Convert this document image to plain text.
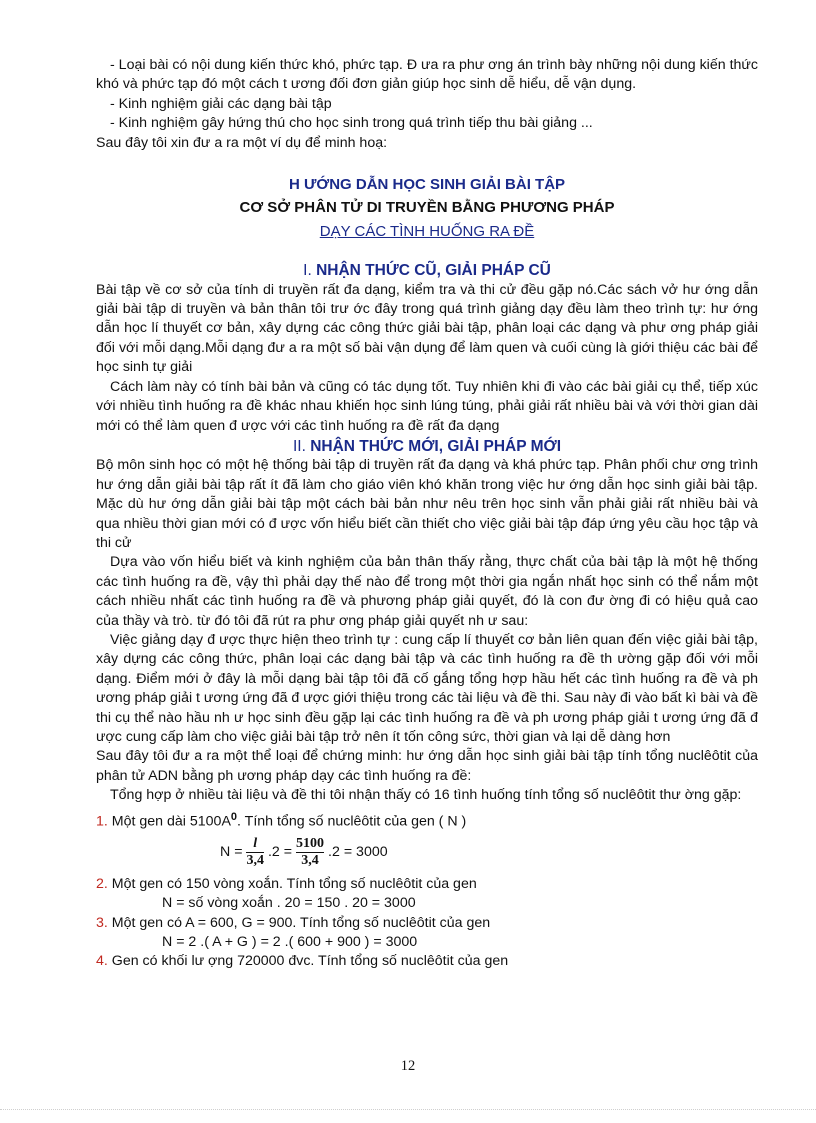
- Loại bài có nội dung kiến thức khó, phức tạp. Đ ưa ra phư ơng án trình bày những nội dung kiến thức khó và phức tạp đó một cách t ương đối đơn giản giúp học sinh dễ hiểu, dễ vận dụng.

- Kinh nghiệm giải các dạng bài tập

- Kinh nghiệm gây hứng thú cho học sinh trong quá trình tiếp thu bài giảng ...

Sau đây tôi xin đư a ra một ví dụ để minh hoạ:

H ƯỚNG DẪN HỌC SINH GIẢI BÀI TẬP

CƠ SỞ PHÂN TỬ DI TRUYỀN BẰNG PHƯƠNG PHÁP

DẠY CÁC TÌNH HUỐNG RA ĐỀ

I. NHẬN THỨC CŨ, GIẢI PHÁP CŨ

Bài tập về cơ sở của tính di truyền rất đa dạng, kiểm tra và thi cử đều gặp nó.Các sách vở hư ớng dẫn giải bài tập di truyền và bản thân tôi trư ớc đây trong quá trình giảng dạy đều làm theo trình tự: hư ớng dẫn học lí thuyết cơ bản, xây dựng các công thức giải bài tập, phân loại các dạng và phư ơng pháp giải đối với mỗi dạng.Mỗi dạng đư a ra một số bài vận dụng để làm quen và cuối cùng là giới thiệu các bài để học sinh tự giải

Cách làm này có tính bài bản và cũng có tác dụng tốt. Tuy nhiên khi đi vào các bài giải cụ thể, tiếp xúc với nhiều tình huống ra đề khác nhau khiến học sinh lúng túng, phải giải rất nhiều bài và với thời gian dài mới có thể làm quen đ ược với các tình huống ra đề rất đa dạng

II. NHẬN THỨC MỚI, GIẢI PHÁP MỚI

Bộ môn sinh học có một hệ thống bài tập di truyền rất đa dạng và khá phức tạp. Phân phối chư ơng trình hư ớng dẫn giải bài tập rất ít đã làm cho giáo viên khó khăn trong việc hư ớng dẫn học sinh giải bài tập. Mặc dù hư ớng dẫn giải bài tập một cách bài bản như nêu trên học sinh vẫn phải giải rất nhiều bài và qua nhiều thời gian mới có đ ược vốn hiểu biết cần thiết cho việc giải bài tập đáp ứng yêu cầu học tập và thi cử

Dựa vào vốn hiểu biết và kinh nghiệm của bản thân thấy rằng, thực chất của bài tập là một hệ thống các tình huống ra đề, vậy thì phải dạy thế nào để trong một thời gia ngắn nhất học sinh có thể nắm một cách nhiều nhất các tình huống ra đề và phương pháp giải quyết, đó là con đư ờng đi có hiệu quả cao của thầy và trò. từ đó tôi đã rút ra phư ơng pháp giải quyết nh ư sau:

Việc giảng dạy đ ược thực hiện theo trình tự : cung cấp lí thuyết cơ bản liên quan đến việc giải bài tập, xây dựng các công thức, phân loại các dạng bài tập và các tình huống ra đề th ường gặp đối với mỗi dạng. Điểm mới ở đây là mỗi dạng bài tập tôi đã cố gắng tổng hợp hầu hết các tình huống ra đề và ph ương pháp giải t ương ứng đã đ ược giới thiệu trong các tài liệu và đề thi. Sau này đi vào bất kì bài và đề thi cụ thể nào hầu nh ư học sinh đều gặp lại các tình huống ra đề và ph ương pháp giải t ương ứng đã đ ược cung cấp làm cho việc giải bài tập trở nên ít tốn công sức, thời gian và lại dễ dàng hơn

Sau đây tôi đư a ra một thể loại để chứng minh: hư ớng dẫn học sinh giải bài tập tính tổng nuclêôtit của phân tử ADN bằng ph ương pháp dạy các tình huống ra đề:

Tổng hợp ở nhiều tài liệu và đề thi tôi nhận thấy có 16 tình huống tính tổng số nuclêôtit thư ờng gặp:

1. Một gen dài $5100A^0$. Tính tổng số nuclêôtit của gen ( N )

$N = \frac{l}{3,4} .2 = \frac{5100}{3,4} .2 = 3000$

2. Một gen có 150 vòng xoắn. Tính tổng số nuclêôtit của gen

N = số vòng xoắn . 20 = 150 . 20 = 3000

3. Một gen có A = 600, G = 900. Tính tổng số nuclêôtit của gen

N = 2 .( A + G ) = 2 .( 600 + 900 ) = 3000

4. Gen có khối lư ợng 720000 đvc. Tính tổng số nuclêôtit của gen

12
